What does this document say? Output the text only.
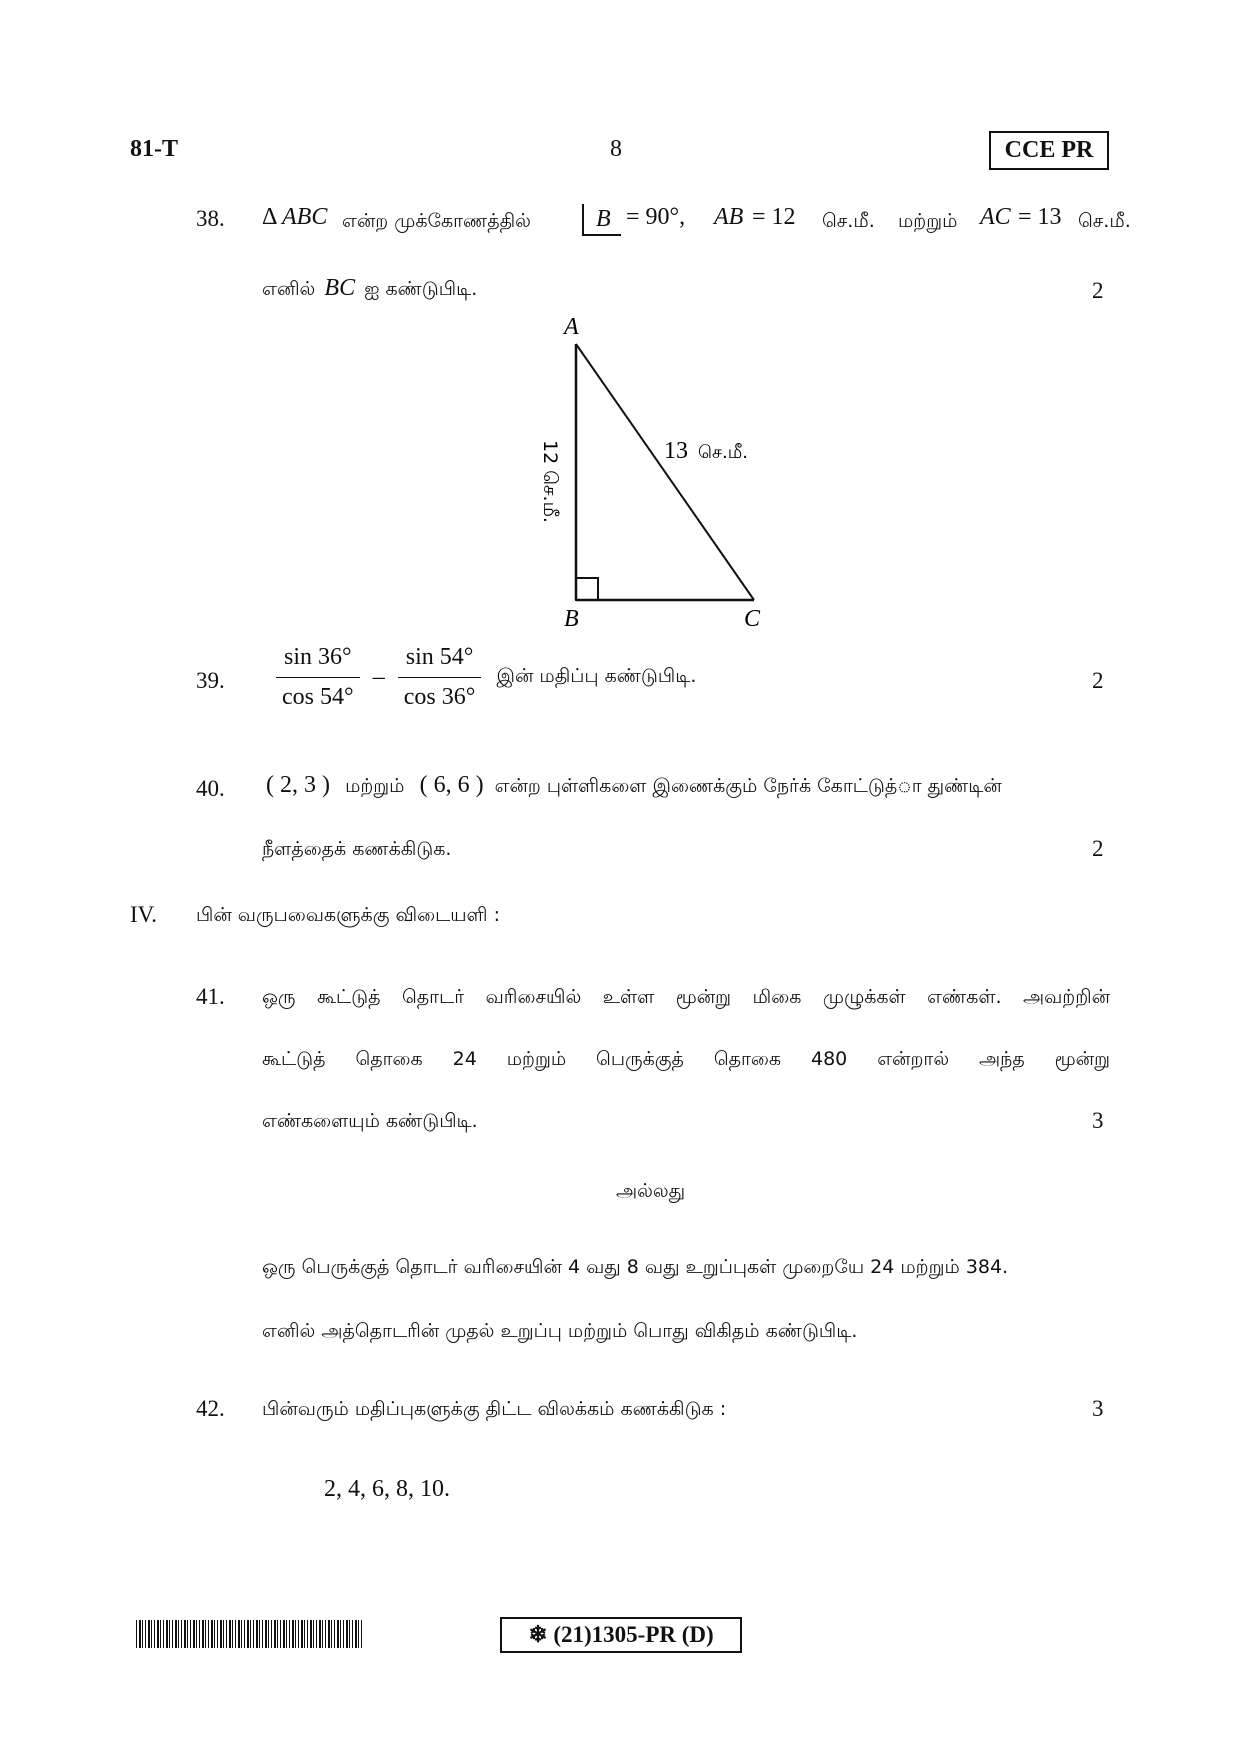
81-T	8	CCE PR
38. Δ ABC என்ற முக்கோணத்தில்	B = 90°, AB = 12 செ.மீ. மற்றும் AC = 13 செ.மீ.
எனில் BC ஐ கண்டுபிடி.	2
A
B	C
13 செ.மீ.
12 செ.மீ.
39. $\frac{\sin 36^\circ}{\cos 54^\circ} - \frac{\sin 54^\circ}{\cos 36^\circ}$ இன் மதிப்பு கண்டுபிடி.	2
40. ( 2, 3 ) மற்றும் ( 6, 6 ) என்ற புள்ளிகளை இணைக்கும் நேர்க் கோட்டுத்ா துண்டின்
நீளத்தைக் கணக்கிடுக.	2
IV. பின் வருபவைகளுக்கு விடையளி :
41. ஒரு கூட்டுத் தொடர் வரிசையில் உள்ள மூன்று மிகை முழுக்கள் எண்கள். அவற்றின்
கூட்டுத் தொகை 24 மற்றும் பெருக்குத் தொகை 480 என்றால் அந்த மூன்று
எண்களையும் கண்டுபிடி.	3
அல்லது
ஒரு பெருக்குத் தொடர் வரிசையின் 4 வது 8 வது உறுப்புகள் முறையே 24 மற்றும் 384.
எனில் அத்தொடரின் முதல் உறுப்பு மற்றும் பொது விகிதம் கண்டுபிடி.
42. பின்வரும் மதிப்புகளுக்கு திட்ட விலக்கம் கணக்கிடுக :	3
2, 4, 6, 8, 10.
❄ (21)1305-PR (D)
